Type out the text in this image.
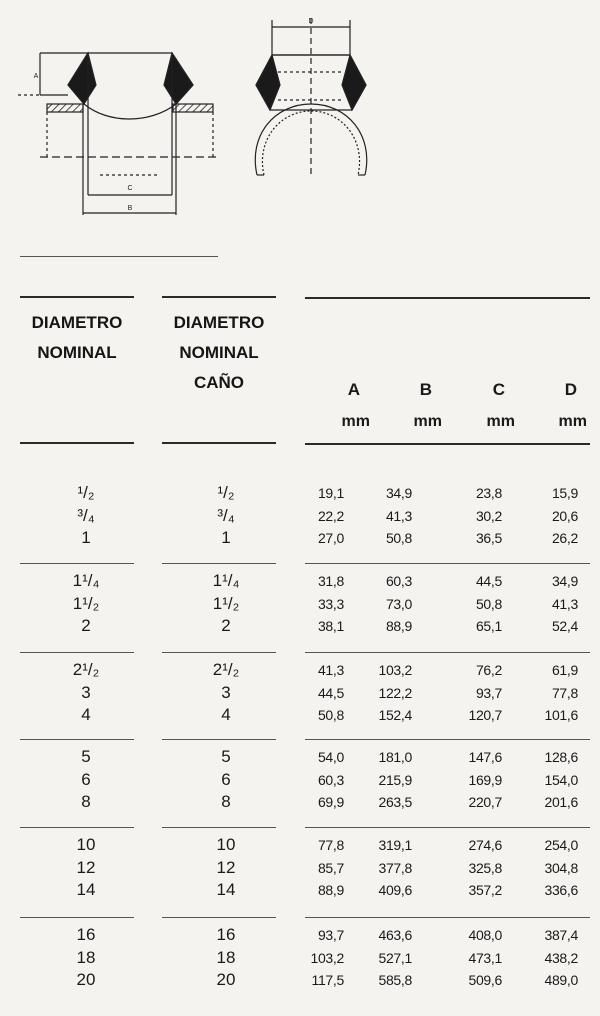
A
C
B
D
DIAMETRO
NOMINAL
DIAMETRO
NOMINAL
CAÑO	A	B	C	D
mm	mm	mm	mm
¹/₂	¹/₂	19,1	34,9	23,8	15,9
³/₄	³/₄	22,2	41,3	30,2	20,6
1	1	27,0	50,8	36,5	26,2
1¹/₄	1¹/₄	31,8	60,3	44,5	34,9
1¹/₂	1¹/₂	33,3	73,0	50,8	41,3
2	2	38,1	88,9	65,1	52,4
2¹/₂	2¹/₂	41,3	103,2	76,2	61,9
3	3	44,5	122,2	93,7	77,8
4	4	50,8	152,4	120,7	101,6
5	5	54,0	181,0	147,6	128,6
6	6	60,3	215,9	169,9	154,0
8	8	69,9	263,5	220,7	201,6
10	10	77,8	319,1	274,6	254,0
12	12	85,7	377,8	325,8	304,8
14	14	88,9	409,6	357,2	336,6
16	16	93,7	463,6	408,0	387,4
18	18	103,2	527,1	473,1	438,2
20	20	117,5	585,8	509,6	489,0
